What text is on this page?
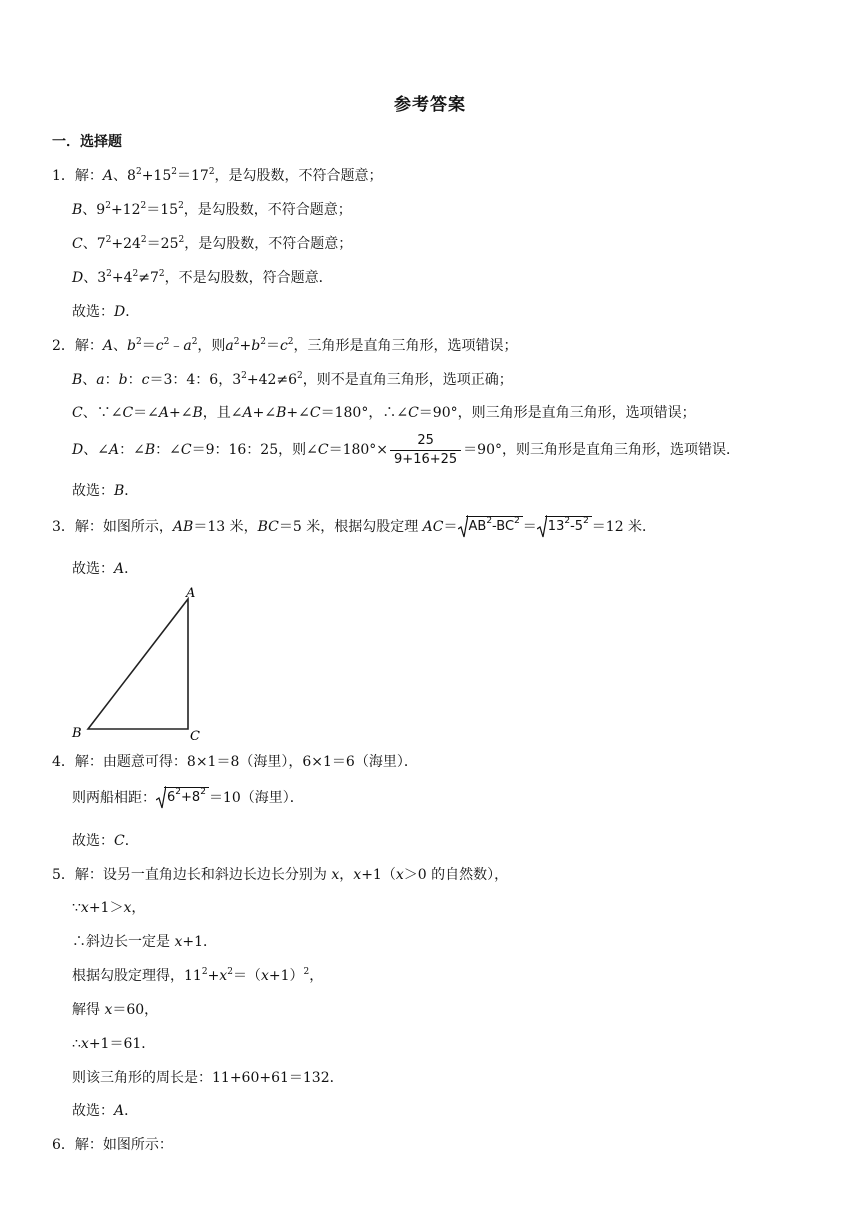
参考答案
一．选择题
1．解：A、$8^2+15^2=17^2$，是勾股数，不符合题意；
B、$9^2+12^2=15^2$，是勾股数，不符合题意；
C、$7^2+24^2=25^2$，是勾股数，不符合题意；
D、$3^2+4^2\ne 7^2$，不是勾股数，符合题意．
故选：D．
2．解：A、$b^2=c^2﹣a^2$，则$a^2+b^2=c^2$，三角形是直角三角形，选项错误；
B、a：b：c＝3：4：6，$3^2+42\ne 6^2$，则不是直角三角形，选项正确；
C、∵∠C＝∠A+∠B，且∠A+∠B+∠C＝180°，∴∠C＝90°，则三角形是直角三角形，选项错误；
D、∠A：∠B：∠C＝9：16：25，则∠C＝180°× $\frac{25}{9+16+25} =90^\circ$，则三角形是直角三角形，选项错误．
故选：B．
3．解：如图所示，AB＝13 米，BC＝5 米，根据勾股定理 $AC= AB^2-BC^2 = 13^2-5^2 =12$ 米．
故选：A．
A
B	C
4．解：由题意可得：8×1＝8（海里），6×1＝6（海里）．
则两船相距： $6^2+8^2 =10$（海里）．
故选：C．
5．解：设另一直角边长和斜边长边长分别为 x，x+1（x＞0 的自然数），
∵x+1＞x，
∴斜边长一定是 x+1．
根据勾股定理得，$11^2+x^2=(x+1)^2$，
解得 x＝60，
∴x+1＝61．
则该三角形的周长是：11+60+61＝132．
故选：A．
6．解：如图所示：
